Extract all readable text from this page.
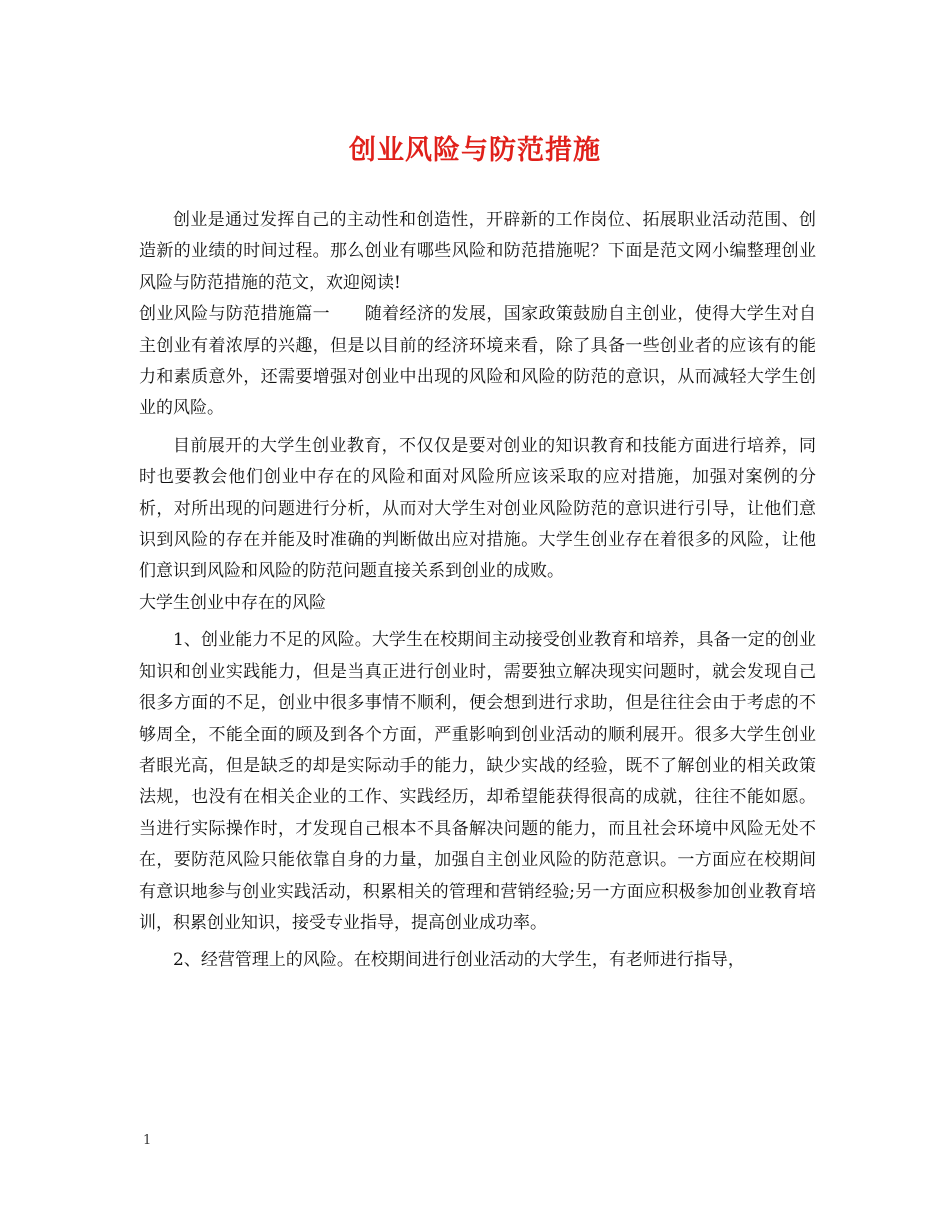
创业风险与防范措施

创业是通过发挥自己的主动性和创造性，开辟新的工作岗位、拓展职业活动范围、创造新的业绩的时间过程。那么创业有哪些风险和防范措施呢？下面是范文网小编整理创业风险与防范措施的范文，欢迎阅读!

创业风险与防范措施篇一　　随着经济的发展，国家政策鼓励自主创业，使得大学生对自主创业有着浓厚的兴趣，但是以目前的经济环境来看，除了具备一些创业者的应该有的能力和素质意外，还需要增强对创业中出现的风险和风险的防范的意识，从而减轻大学生创业的风险。

目前展开的大学生创业教育，不仅仅是要对创业的知识教育和技能方面进行培养，同时也要教会他们创业中存在的风险和面对风险所应该采取的应对措施，加强对案例的分析，对所出现的问题进行分析，从而对大学生对创业风险防范的意识进行引导，让他们意识到风险的存在并能及时准确的判断做出应对措施。大学生创业存在着很多的风险，让他们意识到风险和风险的防范问题直接关系到创业的成败。

大学生创业中存在的风险

1、创业能力不足的风险。大学生在校期间主动接受创业教育和培养，具备一定的创业知识和创业实践能力，但是当真正进行创业时，需要独立解决现实问题时，就会发现自己很多方面的不足，创业中很多事情不顺利，便会想到进行求助，但是往往会由于考虑的不够周全，不能全面的顾及到各个方面，严重影响到创业活动的顺利展开。很多大学生创业者眼光高，但是缺乏的却是实际动手的能力，缺少实战的经验，既不了解创业的相关政策法规，也没有在相关企业的工作、实践经历，却希望能获得很高的成就，往往不能如愿。当进行实际操作时，才发现自己根本不具备解决问题的能力，而且社会环境中风险无处不在，要防范风险只能依靠自身的力量，加强自主创业风险的防范意识。一方面应在校期间有意识地参与创业实践活动，积累相关的管理和营销经验;另一方面应积极参加创业教育培训，积累创业知识，接受专业指导，提高创业成功率。

2、经营管理上的风险。在校期间进行创业活动的大学生，有老师进行指导，

1
